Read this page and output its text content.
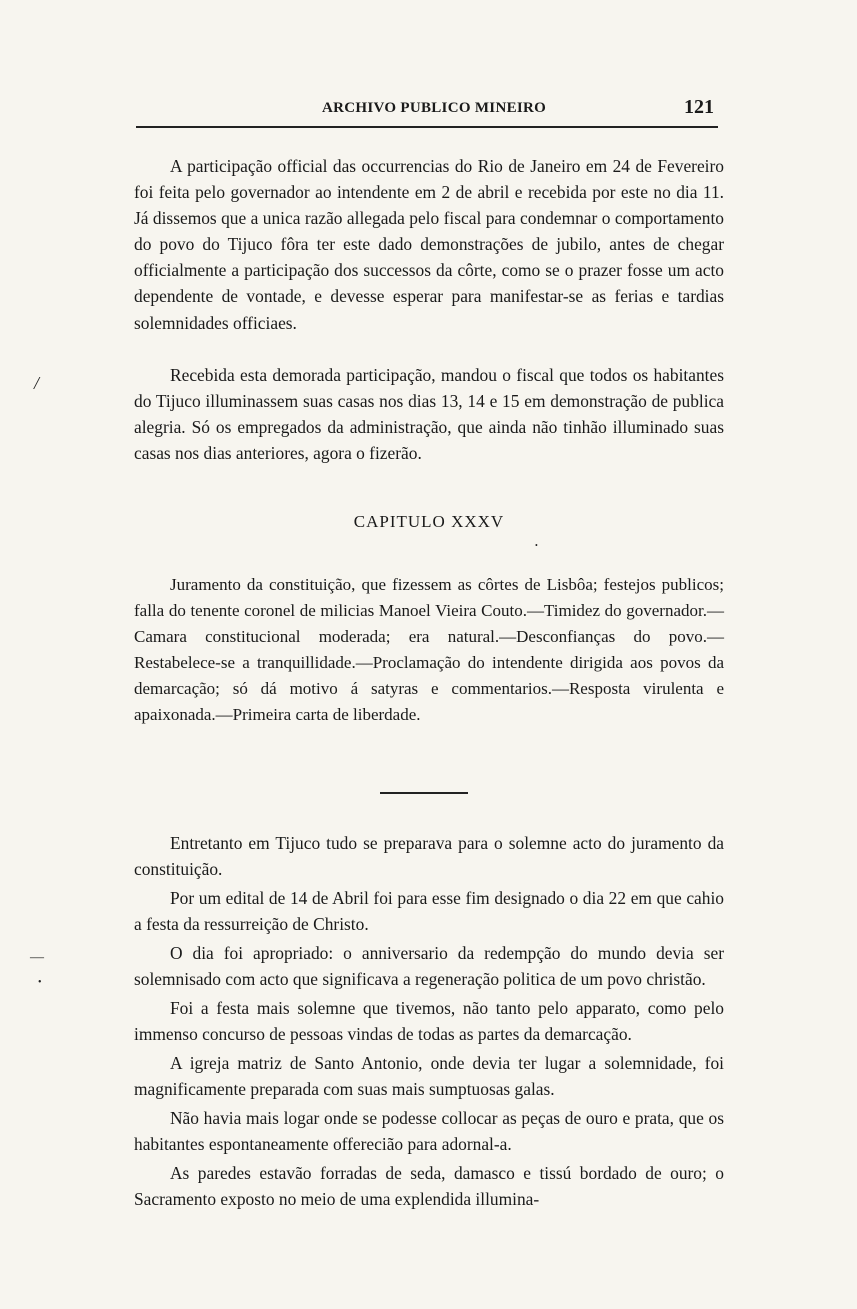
ARCHIVO PUBLICO MINEIRO	121

A participação official das occurrencias do Rio de Janeiro em 24 de Fevereiro foi feita pelo governador ao intendente em 2 de abril e recebida por este no dia 11. Já dissemos que a unica razão allegada pelo fiscal para condemnar o comportamento do povo do Tijuco fôra ter este dado demonstrações de jubilo, antes de chegar officialmente a participação dos successos da côrte, como se o prazer fosse um acto dependente de vontade, e devesse esperar para manifestar-se as ferias e tardias solemnidades officiaes.

Recebida esta demorada participação, mandou o fiscal que todos os habitantes do Tijuco illuminassem suas casas nos dias 13, 14 e 15 em demonstração de publica alegria. Só os empregados da administração, que ainda não tinhão illuminado suas casas nos dias anteriores, agora o fizerão.

CAPITULO XXXV

Juramento da constituição, que fizessem as côrtes de Lisbôa; festejos publicos; falla do tenente coronel de milicias Manoel Vieira Couto.—Timidez do governador.—Camara constitucional moderada; era natural.—Desconfianças do povo.—Restabelece-se a tranquillidade.—Proclamação do intendente dirigida aos povos da demarcação; só dá motivo á satyras e commentarios.—Resposta virulenta e apaixonada.—Primeira carta de liberdade.

Entretanto em Tijuco tudo se preparava para o solemne acto do juramento da constituição.

Por um edital de 14 de Abril foi para esse fim designado o dia 22 em que cahio a festa da ressurreição de Christo.

O dia foi apropriado: o anniversario da redempção do mundo devia ser solemnisado com acto que significava a regeneração politica de um povo christão.

Foi a festa mais solemne que tivemos, não tanto pelo apparato, como pelo immenso concurso de pessoas vindas de todas as partes da demarcação.

A igreja matriz de Santo Antonio, onde devia ter lugar a solemnidade, foi magnificamente preparada com suas mais sumptuosas galas.

Não havia mais logar onde se podesse collocar as peças de ouro e prata, que os habitantes espontaneamente offerecião para adornal-a.

As paredes estavão forradas de seda, damasco e tissú bordado de ouro; o Sacramento exposto no meio de uma explendida illumina-

/
—
•
•
